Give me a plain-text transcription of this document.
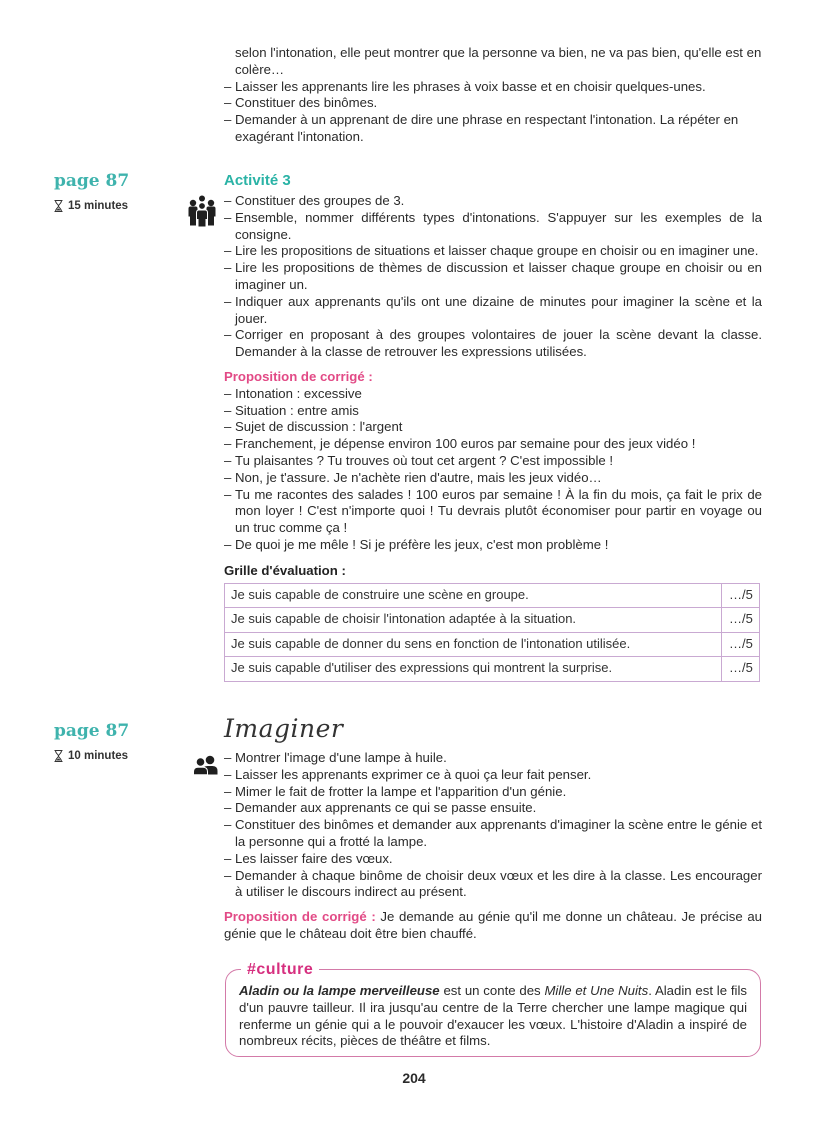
selon l'intonation, elle peut montrer que la personne va bien, ne va pas bien, qu'elle est en colère…
– Laisser les apprenants lire les phrases à voix basse et en choisir quelques-unes.
– Constituer des binômes.
– Demander à un apprenant de dire une phrase en respectant l'intonation. La répéter en exagérant l'intonation.
page 87
15 minutes
Activité 3
– Constituer des groupes de 3.
– Ensemble, nommer différents types d'intonations. S'appuyer sur les exemples de la consigne.
– Lire les propositions de situations et laisser chaque groupe en choisir ou en imaginer une.
– Lire les propositions de thèmes de discussion et laisser chaque groupe en choisir ou en imaginer un.
– Indiquer aux apprenants qu'ils ont une dizaine de minutes pour imaginer la scène et la jouer.
– Corriger en proposant à des groupes volontaires de jouer la scène devant la classe. Demander à la classe de retrouver les expressions utilisées.
Proposition de corrigé :
– Intonation : excessive
– Situation : entre amis
– Sujet de discussion : l'argent
– Franchement, je dépense environ 100 euros par semaine pour des jeux vidéo !
– Tu plaisantes ? Tu trouves où tout cet argent ? C'est impossible !
– Non, je t'assure. Je n'achète rien d'autre, mais les jeux vidéo…
– Tu me racontes des salades ! 100 euros par semaine ! À la fin du mois, ça fait le prix de mon loyer ! C'est n'importe quoi ! Tu devrais plutôt économiser pour partir en voyage ou un truc comme ça !
– De quoi je me mêle ! Si je préfère les jeux, c'est mon problème !
Grille d'évaluation :
Je suis capable de construire une scène en groupe.	…/5
Je suis capable de choisir l'intonation adaptée à la situation.	…/5
Je suis capable de donner du sens en fonction de l'intonation utilisée.	…/5
Je suis capable d'utiliser des expressions qui montrent la surprise.	…/5
page 87
10 minutes
Imaginer
– Montrer l'image d'une lampe à huile.
– Laisser les apprenants exprimer ce à quoi ça leur fait penser.
– Mimer le fait de frotter la lampe et l'apparition d'un génie.
– Demander aux apprenants ce qui se passe ensuite.
– Constituer des binômes et demander aux apprenants d'imaginer la scène entre le génie et la personne qui a frotté la lampe.
– Les laisser faire des vœux.
– Demander à chaque binôme de choisir deux vœux et les dire à la classe. Les encourager à utiliser le discours indirect au présent.

Proposition de corrigé : Je demande au génie qu'il me donne un château. Je précise au génie que le château doit être bien chauffé.

#culture
Aladin ou la lampe merveilleuse est un conte des Mille et Une Nuits. Aladin est le fils d'un pauvre tailleur. Il ira jusqu'au centre de la Terre chercher une lampe magique qui renferme un génie qui a le pouvoir d'exaucer les vœux. L'histoire d'Aladin a inspiré de nombreux récits, pièces de théâtre et films.
204
